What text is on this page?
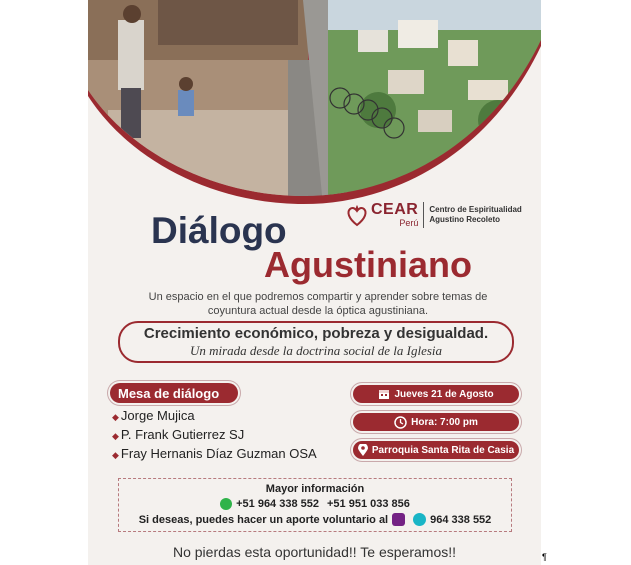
CEAR
Perú
Centro de Espiritualidad
Agustino Recoleto
Diálogo
Agustiniano
Un espacio en el que podremos compartir y aprender sobre temas de
coyuntura actual desde la óptica agustiniana.
Crecimiento económico, pobreza y desigualdad.
Un mirada desde la doctrina social de la Iglesia
Mesa de diálogo
◆ Jorge Mujica
◆ P. Frank Gutierrez SJ
◆ Fray Hernanis Díaz Guzman OSA
Jueves 21 de Agosto
Hora: 7:00 pm
Parroquia Santa Rita de Casia
Mayor información
+51 964 338 552 +51 951 033 856
Si deseas, puedes hacer un aporte voluntario al	964 338 552
No pierdas esta oportunidad!! Te esperamos!!	¶
